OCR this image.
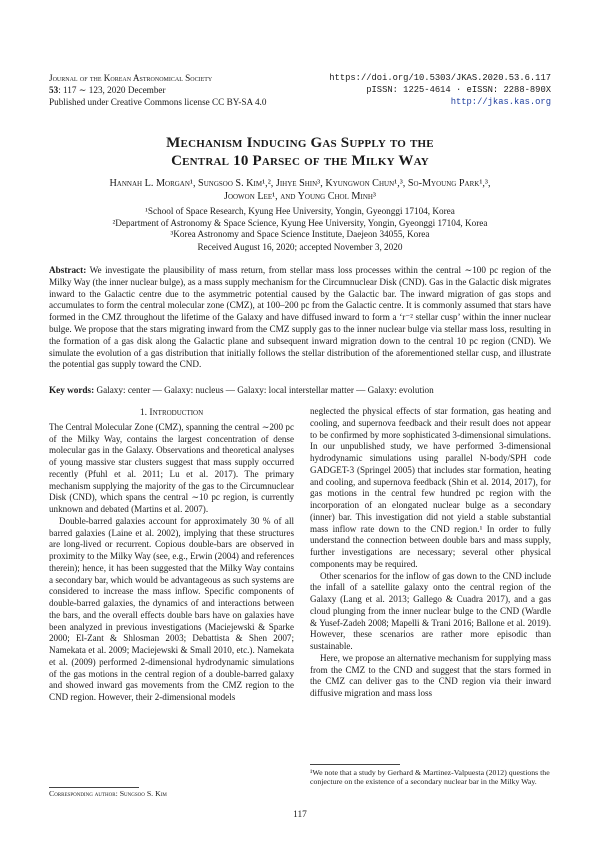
Journal of the Korean Astronomical Society
53: 117 ∼ 123, 2020 December
Published under Creative Commons license CC BY-SA 4.0
https://doi.org/10.5303/JKAS.2020.53.6.117
pISSN: 1225-4614 · eISSN: 2288-890X
http://jkas.kas.org
Mechanism Inducing Gas Supply to the
Central 10 Parsec of the Milky Way
Hannah L. Morgan¹, Sungsoo S. Kim¹,², Jihye Shin³, Kyungwon Chun¹,³, So-Myoung Park¹,³,
Joowon Lee¹, and Young Chol Minh³
¹School of Space Research, Kyung Hee University, Yongin, Gyeonggi 17104, Korea
²Department of Astronomy & Space Science, Kyung Hee University, Yongin, Gyeonggi 17104, Korea
³Korea Astronomy and Space Science Institute, Daejeon 34055, Korea
Received August 16, 2020; accepted November 3, 2020
Abstract: We investigate the plausibility of mass return, from stellar mass loss processes within the central ∼100 pc region of the Milky Way (the inner nuclear bulge), as a mass supply mechanism for the Circumnuclear Disk (CND). Gas in the Galactic disk migrates inward to the Galactic centre due to the asymmetric potential caused by the Galactic bar. The inward migration of gas stops and accumulates to form the central molecular zone (CMZ), at 100–200 pc from the Galactic centre. It is commonly assumed that stars have formed in the CMZ throughout the lifetime of the Galaxy and have diffused inward to form a ‘r⁻² stellar cusp’ within the inner nuclear bulge. We propose that the stars migrating inward from the CMZ supply gas to the inner nuclear bulge via stellar mass loss, resulting in the formation of a gas disk along the Galactic plane and subsequent inward migration down to the central 10 pc region (CND). We simulate the evolution of a gas distribution that initially follows the stellar distribution of the aforementioned stellar cusp, and illustrate the potential gas supply toward the CND.
Key words: Galaxy: center — Galaxy: nucleus — Galaxy: local interstellar matter — Galaxy: evolution
1. Introduction

The Central Molecular Zone (CMZ), spanning the central ∼200 pc of the Milky Way, contains the largest concentration of dense molecular gas in the Galaxy. Observations and theoretical analyses of young massive star clusters suggest that mass supply occurred recently (Pfuhl et al. 2011; Lu et al. 2017). The primary mechanism supplying the majority of the gas to the Circumnuclear Disk (CND), which spans the central ∼10 pc region, is currently unknown and debated (Martins et al. 2007).

Double-barred galaxies account for approximately 30 % of all barred galaxies (Laine et al. 2002), implying that these structures are long-lived or recurrent. Copious double-bars are observed in proximity to the Milky Way (see, e.g., Erwin (2004) and references therein); hence, it has been suggested that the Milky Way contains a secondary bar, which would be advantageous as such systems are considered to increase the mass inflow. Specific components of double-barred galaxies, the dynamics of and interactions between the bars, and the overall effects double bars have on galaxies have been analyzed in previous investigations (Maciejewski & Sparke 2000; El-Zant & Shlosman 2003; Debattista & Shen 2007; Namekata et al. 2009; Maciejewski & Small 2010, etc.). Namekata et al. (2009) performed 2-dimensional hydrodynamic simulations of the gas motions in the central region of a double-barred galaxy and showed inward gas movements from the CMZ region to the CND region. However, their 2-dimensional models

neglected the physical effects of star formation, gas heating and cooling, and supernova feedback and their result does not appear to be confirmed by more sophisticated 3-dimensional simulations. In our unpublished study, we have performed 3-dimensional hydrodynamic simulations using parallel N-body/SPH code GADGET-3 (Springel 2005) that includes star formation, heating and cooling, and supernova feedback (Shin et al. 2014, 2017), for gas motions in the central few hundred pc region with the incorporation of an elongated nuclear bulge as a secondary (inner) bar. This investigation did not yield a stable substantial mass inflow rate down to the CND region.¹ In order to fully understand the connection between double bars and mass supply, further investigations are necessary; several other physical components may be required.

Other scenarios for the inflow of gas down to the CND include the infall of a satellite galaxy onto the central region of the Galaxy (Lang et al. 2013; Gallego & Cuadra 2017), and a gas cloud plunging from the inner nuclear bulge to the CND (Wardle & Yusef-Zadeh 2008; Mapelli & Trani 2016; Ballone et al. 2019). However, these scenarios are rather more episodic than sustainable.

Here, we propose an alternative mechanism for supplying mass from the CMZ to the CND and suggest that the stars formed in the CMZ can deliver gas to the CND region via their inward diffusive migration and mass loss

Corresponding author: Sungsoo S. Kim
¹We note that a study by Gerhard & Martinez-Valpuesta (2012) questions the conjecture on the existence of a secondary nuclear bar in the Milky Way.
117
